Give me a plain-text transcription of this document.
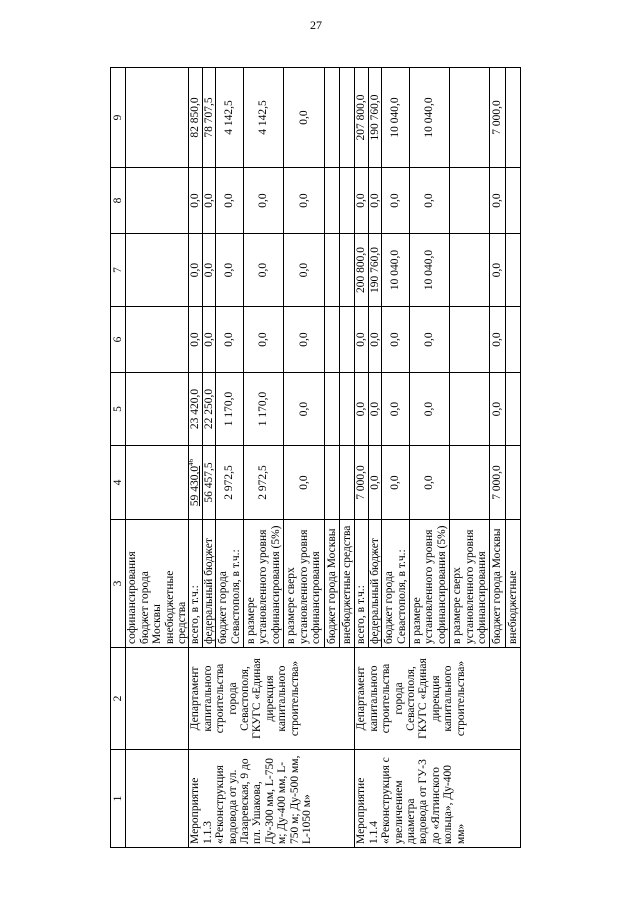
27
1	2	3	4	5	6	7	8	9

		софинансирования бюджет города Москвы внебюджетные средства						

Мероприятие 1.1.3 «Реконструкция водовода от ул. Лазаревская, 9 до пл. Ушакова, Ду-300 мм, L-750 м; Ду-400 мм, L-750 м; Ду-500 мм, L-1050 м»	Департамент капитального строительства города Севастополя, ГКУГС «Единая дирекция капитального строительства»	всего, в т.ч.:	59 430,0$^{46}$	23 420,0	0,0	0,0	0,0	82 850,0
		федеральный бюджет	56 457,5	22 250,0	0,0	0,0	0,0	78 707,5
		бюджет города Севастополя, в т.ч.:	2 972,5	1 170,0	0,0	0,0	0,0	4 142,5
		в размере установленного уровня софинансирования (5%)	2 972,5	1 170,0	0,0	0,0	0,0	4 142,5
		в размере сверх установленного уровня софинансирования	0,0	0,0	0,0	0,0	0,0	0,0
		бюджет города Москвы						
		внебюджетные средства						
Мероприятие 1.1.4 «Реконструкция с увеличением диаметра водовода от ГУ-3 до «Ялтинского кольца», Ду-400 мм»	Департамент капитального строительства города Севастополя, ГКУГС «Единая дирекция капитального строительства»	всего, в т.ч.:	7 000,0	0,0	0,0	200 800,0	0,0	207 800,0
		федеральный бюджет	0,0	0,0	0,0	190 760,0	0,0	190 760,0
		бюджет города Севастополя, в т.ч.:	0,0	0,0	0,0	10 040,0	0,0	10 040,0
		в размере установленного уровня софинансирования (5%)	0,0	0,0	0,0	10 040,0	0,0	10 040,0
		в размере сверх установленного уровня софинансирования						
		бюджет города Москвы	7 000,0	0,0	0,0	0,0	0,0	7 000,0
		внебюджетные						
